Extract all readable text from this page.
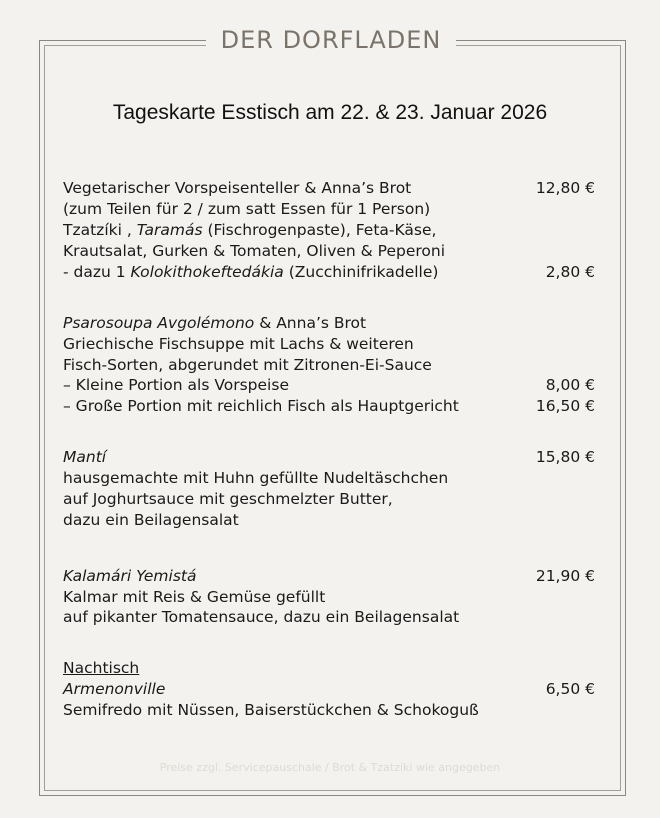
DER DORFLADEN
Tageskarte Esstisch am 22. & 23. Januar 2026
Vegetarischer Vorspeisenteller & Anna’s Brot	12,80 €
(zum Teilen für 2 / zum satt Essen für 1 Person)
Tzatzíki , Taramás (Fischrogenpaste), Feta-Käse,
Krautsalat, Gurken & Tomaten, Oliven & Peperoni
- dazu 1 Kolokithokeftedákia (Zucchinifrikadelle)	2,80 €
Psarosoupa Avgolémono & Anna’s Brot
Griechische Fischsuppe mit Lachs & weiteren
Fisch-Sorten, abgerundet mit Zitronen-Ei-Sauce
– Kleine Portion als Vorspeise	8,00 €
– Große Portion mit reichlich Fisch als Hauptgericht	16,50 €
Mantí	15,80 €
hausgemachte mit Huhn gefüllte Nudeltäschchen
auf Joghurtsauce mit geschmelzter Butter,
dazu ein Beilagensalat
Kalamári Yemistá	21,90 €
Kalmar mit Reis & Gemüse gefüllt
auf pikanter Tomatensauce, dazu ein Beilagensalat
Nachtisch
Armenonville	6,50 €
Semifredo mit Nüssen, Baiserstückchen & Schokoguß
Preise zzgl. Servicepauschale / Brot & Tzatziki wie angegeben
